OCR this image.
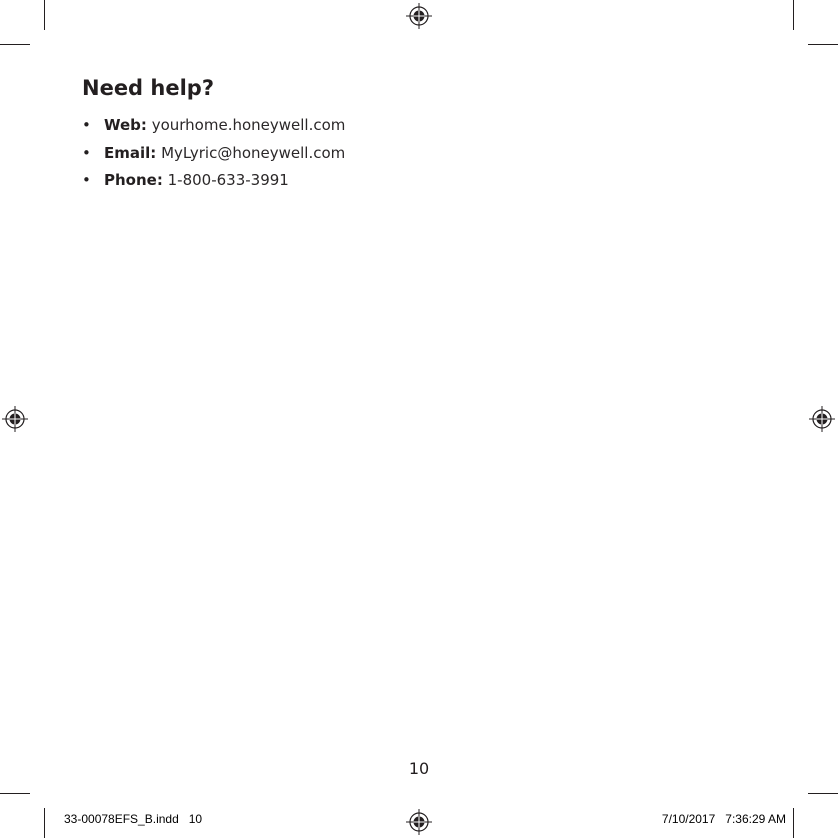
Need help?
• Web: yourhome.honeywell.com
• Email: MyLyric@honeywell.com
• Phone: 1-800-633-3991
10
33-00078EFS_B.indd   10	7/10/2017   7:36:29 AM
